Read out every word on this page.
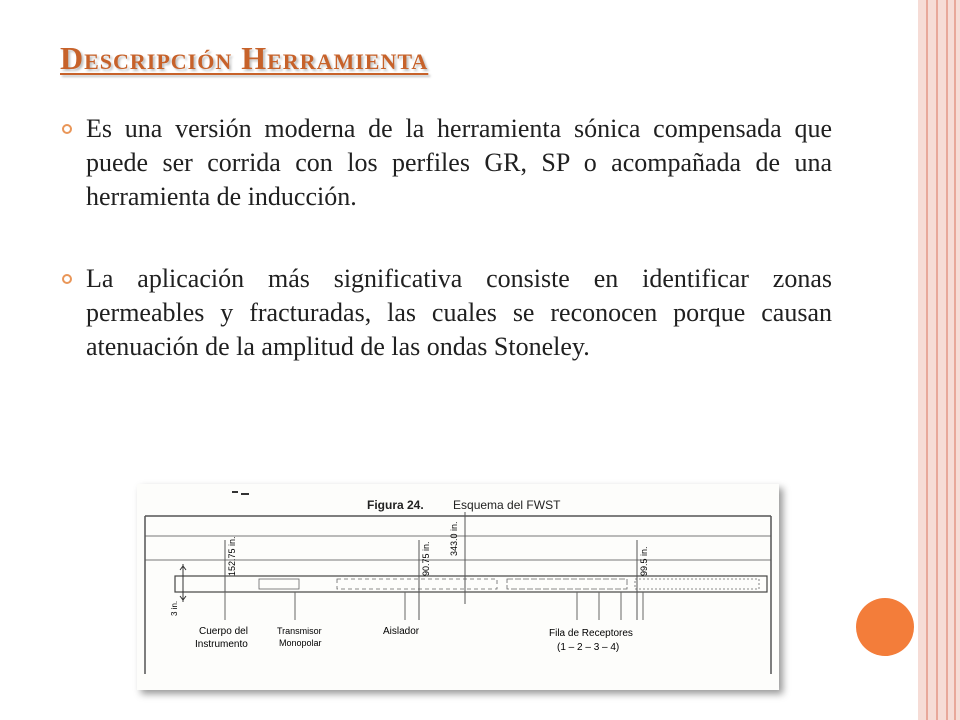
Descripción Herramienta
Es una versión moderna de la herramienta sónica compensada que puede ser corrida con los perfiles GR, SP o acompañada de una herramienta de inducción.
La aplicación más significativa consiste en identificar zonas permeables y fracturadas, las cuales se reconocen porque causan atenuación de la amplitud de las ondas Stoneley.
Figura 24. Esquema del FWST
152.75 in.	90.75 in.
343.0 in.
99.5 in.
3 in.
Cuerpo del
Instrumento
Transmisor
Monopolar
Aislador	Fila de Receptores
(1 – 2 – 3 – 4)
